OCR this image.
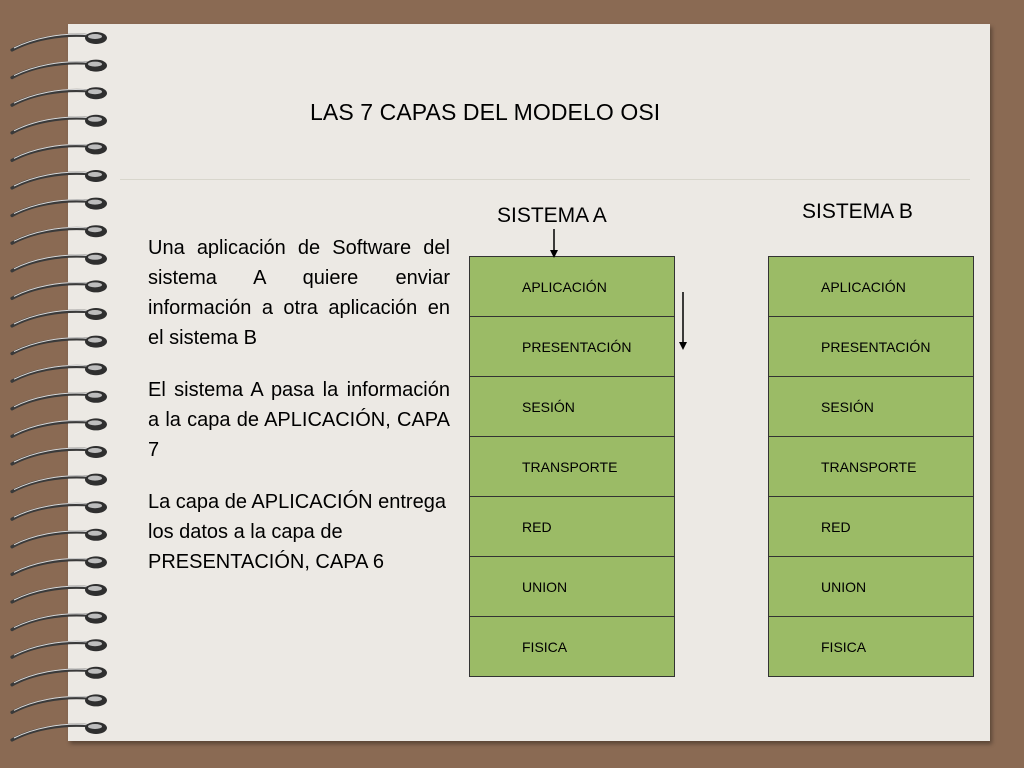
LAS 7 CAPAS DEL MODELO OSI
SISTEMA A	SISTEMA B
APLICACIÓN
PRESENTACIÓN
SESIÓN
TRANSPORTE
RED
UNION
FISICA
APLICACIÓN
PRESENTACIÓN
SESIÓN
TRANSPORTE
RED
UNION
FISICA

Una aplicación de Software del sistema A quiere enviar información a otra aplicación en el sistema B

El sistema A pasa la información a la capa de APLICACIÓN, CAPA 7

La capa de APLICACIÓN entrega los datos a la capa de PRESENTACIÓN, CAPA 6
